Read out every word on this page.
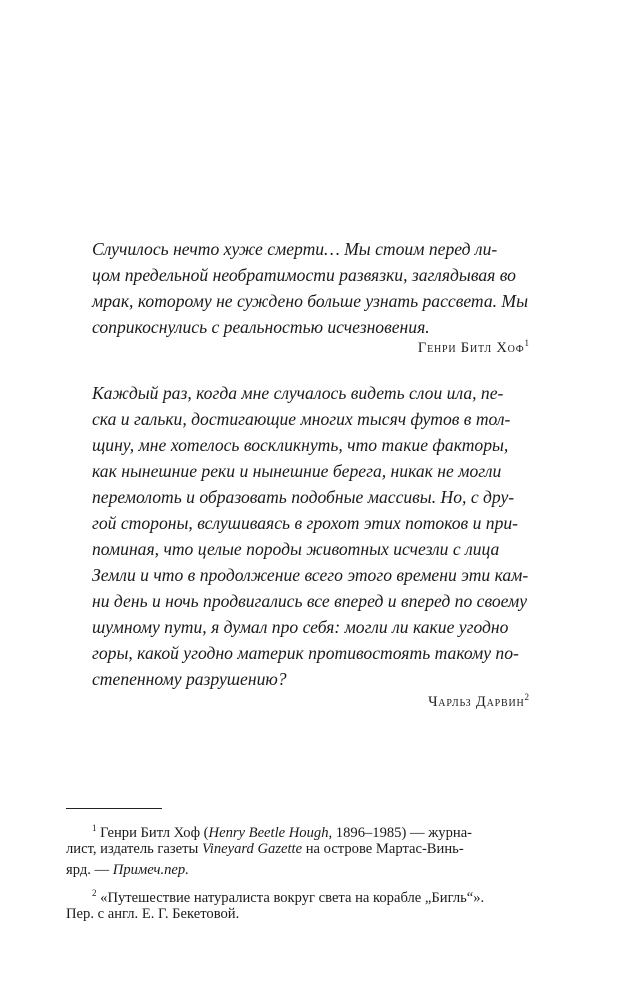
Случилось нечто хуже смерти… Мы стоим перед ли-
цом предельной необратимости развязки, заглядывая во
мрак, которому не суждено больше узнать рассвета. Мы
соприкоснулись с реальностью исчезновения.
Генри Битл Хоф$^1$
Каждый раз, когда мне случалось видеть слои ила, пе-
ска и гальки, достигающие многих тысяч футов в тол-
щину, мне хотелось воскликнуть, что такие факторы,
как нынешние реки и нынешние берега, никак не могли
перемолоть и образовать подобные массивы. Но, с дру-
гой стороны, вслушиваясь в грохот этих потоков и при-
поминая, что целые породы животных исчезли с лица
Земли и что в продолжение всего этого времени эти кам-
ни день и ночь продвигались все вперед и вперед по своему
шумному пути, я думал про себя: могли ли какие угодно
горы, какой угодно материк противостоять такому по-
степенному разрушению?
Чарльз Дарвин$^2$
$^1$ Генри Битл Хоф (Henry Beetle Hough, 1896–1985) — журна-
лист, издатель газеты Vineyard Gazette на острове Мартас-Винь-
ярд. — Примеч.пер.
$^2$ «Путешествие натуралиста вокруг света на корабле „Бигль“».
Пер. с англ. Е. Г. Бекетовой.
